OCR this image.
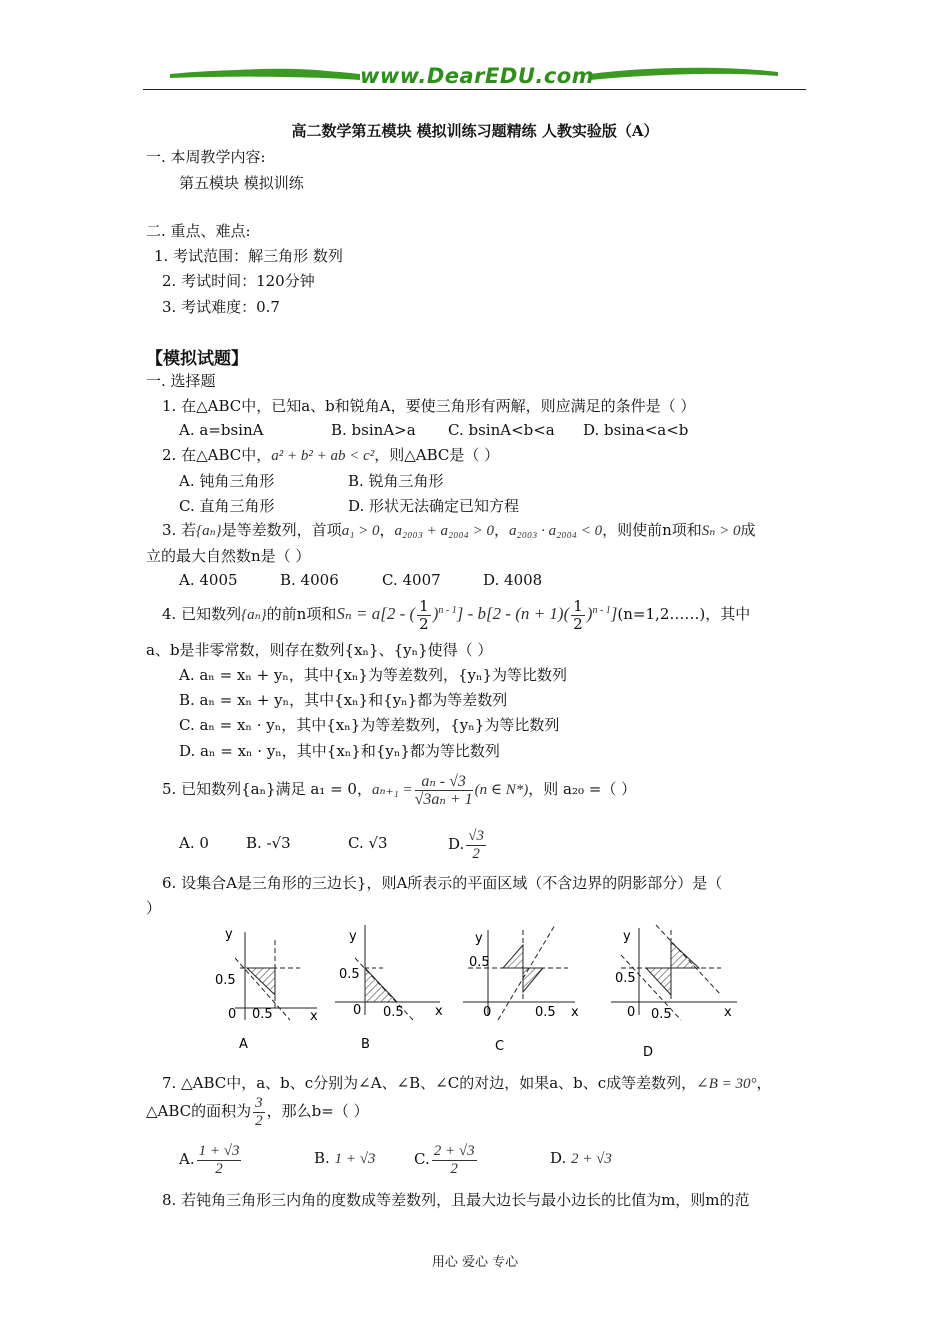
www.DearEDU.com
高二数学第五模块 模拟训练习题精练 人教实验版（A）
一. 本周教学内容:
第五模块 模拟训练
二. 重点、难点:
1. 考试范围：解三角形 数列
2. 考试时间：120分钟
3. 考试难度：0.7
【模拟试题】
一. 选择题
1. 在△ABC中，已知a、b和锐角A，要使三角形有两解，则应满足的条件是（ ）
A. a=bsinA	B. bsinA>a C. bsinA<b<a D. bsina<a<b
2. 在△ABC中，a² + b² + ab < c²，则△ABC是（ ）
A. 钝角三角形	B. 锐角三角形
C. 直角三角形	D. 形状无法确定已知方程
3. 若{aₙ}是等差数列，首项a₁ > 0，a₂₀₀₃ + a₂₀₀₄ > 0，a₂₀₀₃ · a₂₀₀₄ < 0，则使前n项和Sₙ > 0成
立的最大自然数n是（ ）
A. 4005	B. 4006	C. 4007	D. 4008
4. 已知数列{aₙ}的前n项和Sₙ = a[2 - ( $\frac{1}{2} )^{n - 1}] - b[2 - (n + 1)( \frac{1}{2}$ )$^{n - 1}](n=1,2\dots\dots)$，其中
a、b是非零常数，则存在数列{xₙ}、{yₙ}使得（ ）
A. aₙ = xₙ + yₙ，其中{xₙ}为等差数列，{yₙ}为等比数列
B. aₙ = xₙ + yₙ，其中{xₙ}和{yₙ}都为等差数列
C. aₙ = xₙ · yₙ，其中{xₙ}为等差数列，{yₙ}为等比数列
D. aₙ = xₙ · yₙ，其中{xₙ}和{yₙ}都为等比数列
5. 已知数列{aₙ}满足 a₁ = 0，$a_{n+1} = \frac{\text{aₙ - √3}}{\text{√3aₙ + 1}} (n$ ∈ N*)，则 a₂₀ =（ ）
A. 0 B. -√3	C. √3	D. $\frac{√3}{2}$
6. 设集合A是三角形的三边长}，则A所表示的平面区域（不含边界的阴影部分）是（
）
y
x
0
0.5
0.5
A
y
x
0
0.5
0.5
B
y
x
0
0.5
0.5
C
y
x
0
0.5
0.5
D
7. △ABC中，a、b、c分别为∠A、∠B、∠C的对边，如果a、b、c成等差数列，∠B = 30°，
△ABC的面积为 $\frac{3}{2}$ ，那么b=（ ）
A. $\frac{1 + √3}{2}$	B. 1 + √3	C. $\frac{2 + √3}{2}$	D. 2 + √3
8. 若钝角三角形三内角的度数成等差数列，且最大边长与最小边长的比值为m，则m的范
用心 爱心 专心
